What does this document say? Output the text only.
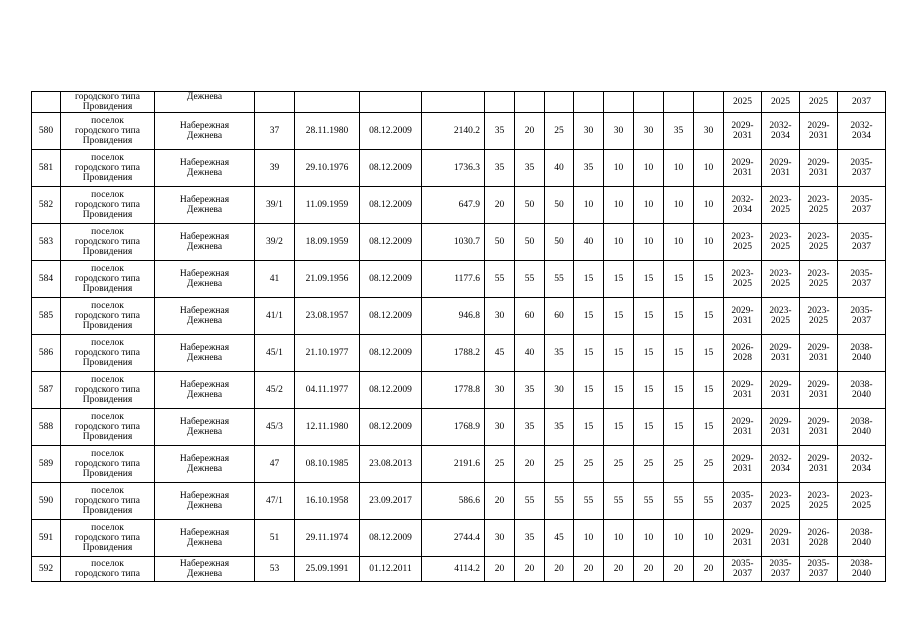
	городского типа
Провидения	Дежнева													2025	2025	2025	2037
580	поселок
городского типа
Провидения	Набережная
Дежнева	37	28.11.1980	08.12.2009	2140.2	35	20	25	30	30	30	35	30	2029-
2031	2032-
2034	2029-
2031	2032-
2034
581	поселок
городского типа
Провидения	Набережная
Дежнева	39	29.10.1976	08.12.2009	1736.3	35	35	40	35	10	10	10	10	2029-
2031	2029-
2031	2029-
2031	2035-
2037
582	поселок
городского типа
Провидения	Набережная
Дежнева	39/1	11.09.1959	08.12.2009	647.9	20	50	50	10	10	10	10	10	2032-
2034	2023-
2025	2023-
2025	2035-
2037
583	поселок
городского типа
Провидения	Набережная
Дежнева	39/2	18.09.1959	08.12.2009	1030.7	50	50	50	40	10	10	10	10	2023-
2025	2023-
2025	2023-
2025	2035-
2037
584	поселок
городского типа
Провидения	Набережная
Дежнева	41	21.09.1956	08.12.2009	1177.6	55	55	55	15	15	15	15	15	2023-
2025	2023-
2025	2023-
2025	2035-
2037
585	поселок
городского типа
Провидения	Набережная
Дежнева	41/1	23.08.1957	08.12.2009	946.8	30	60	60	15	15	15	15	15	2029-
2031	2023-
2025	2023-
2025	2035-
2037
586	поселок
городского типа
Провидения	Набережная
Дежнева	45/1	21.10.1977	08.12.2009	1788.2	45	40	35	15	15	15	15	15	2026-
2028	2029-
2031	2029-
2031	2038-
2040
587	поселок
городского типа
Провидения	Набережная
Дежнева	45/2	04.11.1977	08.12.2009	1778.8	30	35	30	15	15	15	15	15	2029-
2031	2029-
2031	2029-
2031	2038-
2040
588	поселок
городского типа
Провидения	Набережная
Дежнева	45/3	12.11.1980	08.12.2009	1768.9	30	35	35	15	15	15	15	15	2029-
2031	2029-
2031	2029-
2031	2038-
2040
589	поселок
городского типа
Провидения	Набережная
Дежнева	47	08.10.1985	23.08.2013	2191.6	25	20	25	25	25	25	25	25	2029-
2031	2032-
2034	2029-
2031	2032-
2034
590	поселок
городского типа
Провидения	Набережная
Дежнева	47/1	16.10.1958	23.09.2017	586.6	20	55	55	55	55	55	55	55	2035-
2037	2023-
2025	2023-
2025	2023-
2025
591	поселок
городского типа
Провидения	Набережная
Дежнева	51	29.11.1974	08.12.2009	2744.4	30	35	45	10	10	10	10	10	2029-
2031	2029-
2031	2026-
2028	2038-
2040
592	поселок
городского типа	Набережная
Дежнева	53	25.09.1991	01.12.2011	4114.2	20	20	20	20	20	20	20	20	2035-
2037	2035-
2037	2035-
2037	2038-
2040
